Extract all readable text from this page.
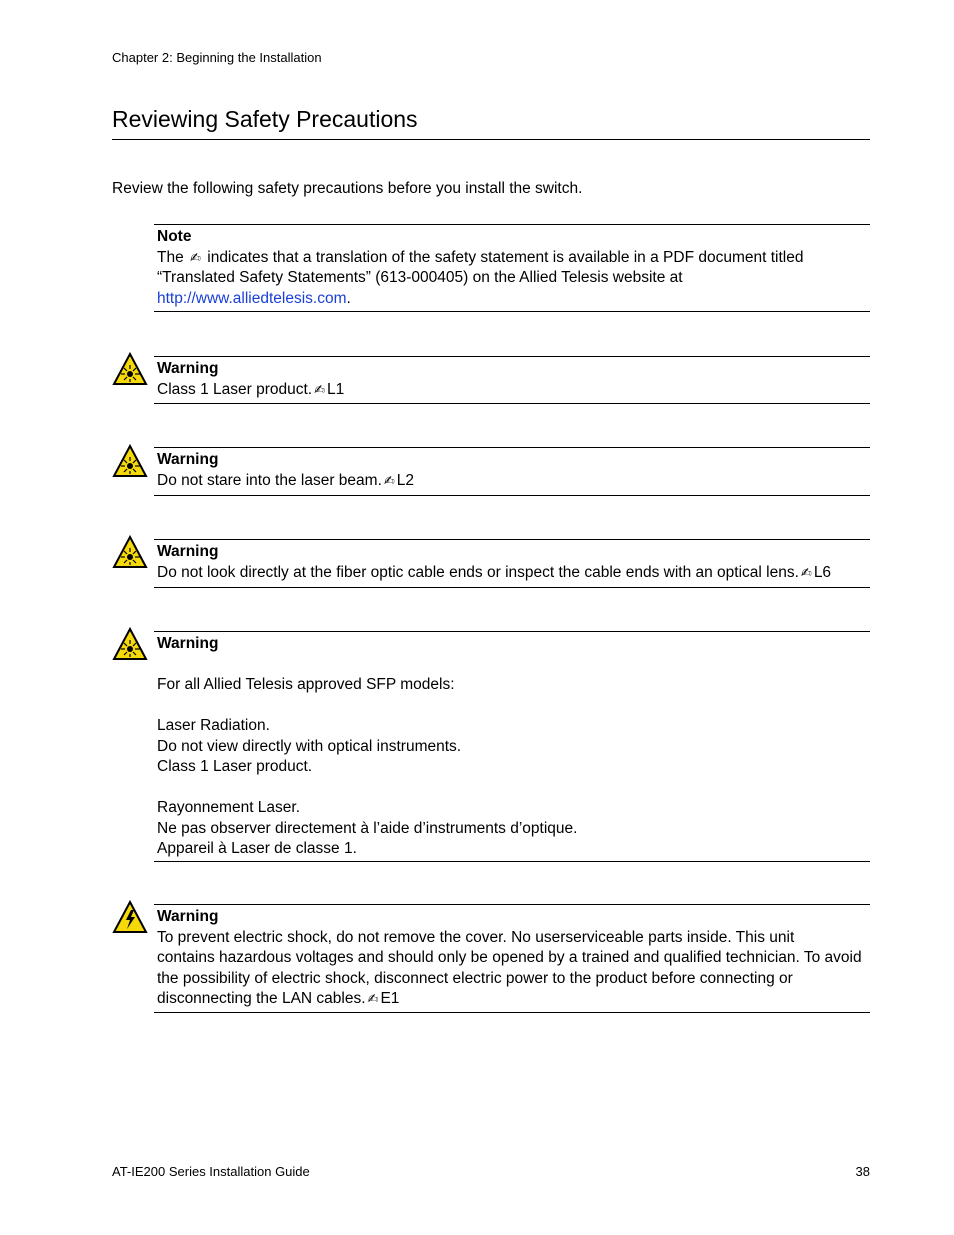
Chapter 2: Beginning the Installation
Reviewing Safety Precautions
Review the following safety precautions before you install the switch.

Note

The ✍ indicates that a translation of the safety statement is available in a PDF document titled

“Translated Safety Statements” (613-000405) on the Allied Telesis website at

http://www.alliedtelesis.com.

Warning

Class 1 Laser product. ✍ L1

Warning

Do not stare into the laser beam. ✍ L2

Warning

Do not look directly at the fiber optic cable ends or inspect the cable ends with an optical lens. ✍ L6

Warning

For all Allied Telesis approved SFP models:

Laser Radiation.

Do not view directly with optical instruments.

Class 1 Laser product.

Rayonnement Laser.

Ne pas observer directement à l’aide d’instruments d’optique.

Appareil à Laser de classe 1.

Warning

To prevent electric shock, do not remove the cover. No userserviceable parts inside. This unit

contains hazardous voltages and should only be opened by a trained and qualified technician. To avoid

the possibility of electric shock, disconnect electric power to the product before connecting or

disconnecting the LAN cables. ✍ E1

AT-IE200 Series Installation Guide	38
